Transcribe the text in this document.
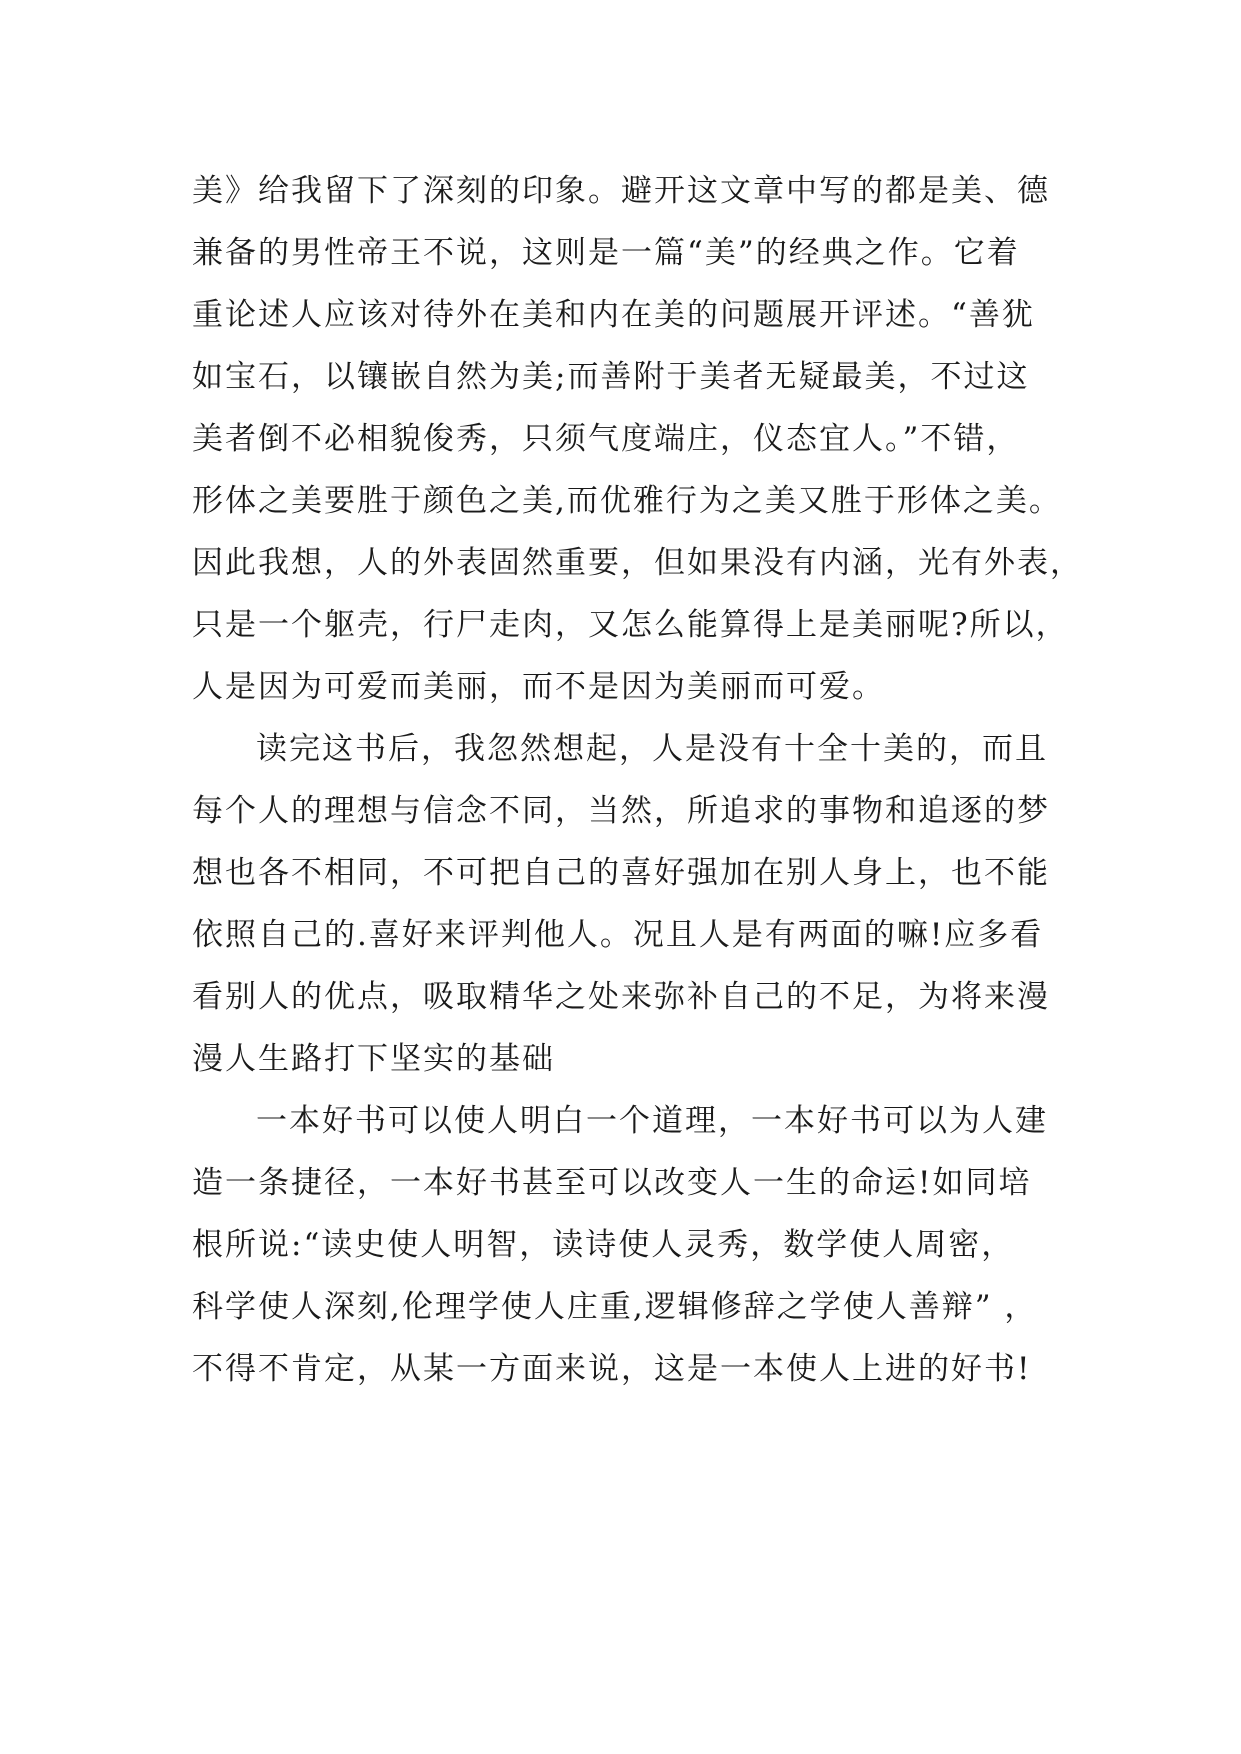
美》给我留下了深刻的印象。避开这文章中写的都是美、德
兼备的男性帝王不说，这则是一篇“美”的经典之作。它着
重论述人应该对待外在美和内在美的问题展开评述。“善犹
如宝石，以镶嵌自然为美;而善附于美者无疑最美，不过这
美者倒不必相貌俊秀，只须气度端庄，仪态宜人。”不错，
形体之美要胜于颜色之美,而优雅行为之美又胜于形体之美。
因此我想，人的外表固然重要，但如果没有内涵，光有外表，
只是一个躯壳，行尸走肉，又怎么能算得上是美丽呢?所以，
人是因为可爱而美丽，而不是因为美丽而可爱。
读完这书后，我忽然想起，人是没有十全十美的，而且
每个人的理想与信念不同，当然，所追求的事物和追逐的梦
想也各不相同，不可把自己的喜好强加在别人身上，也不能
依照自己的.喜好来评判他人。况且人是有两面的嘛!应多看
看别人的优点，吸取精华之处来弥补自己的不足，为将来漫
漫人生路打下坚实的基础
一本好书可以使人明白一个道理，一本好书可以为人建
造一条捷径，一本好书甚至可以改变人一生的命运!如同培
根所说:“读史使人明智，读诗使人灵秀，数学使人周密，
科学使人深刻,伦理学使人庄重,逻辑修辞之学使人善辩” ，
不得不肯定，从某一方面来说，这是一本使人上进的好书!
